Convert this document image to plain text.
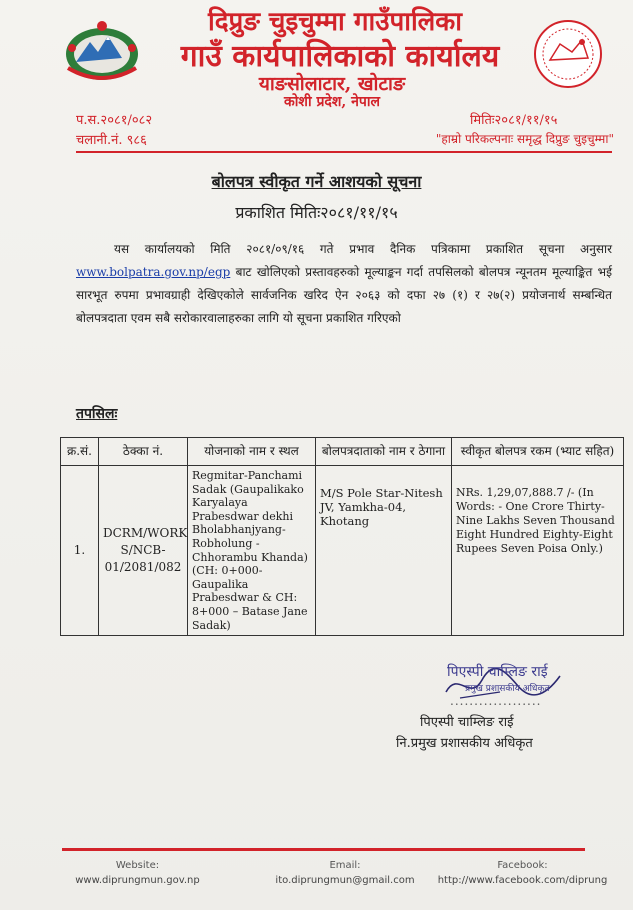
दिप्रुङ चुइचुम्मा गाउँपालिका
गाउँ कार्यपालिकाको कार्यालय
याङसोलाटार, खोटाङ
कोशी प्रदेश, नेपाल
प.स.२०८१/०८२
चलानी.नं. ९८६
मितिः२०८१/११/१५
"हाम्रो परिकल्पनाः समृद्ध दिप्रुङ चुइचुम्मा"
बोलपत्र स्वीकृत गर्ने आशयको सूचना
प्रकाशित मितिः२०८१/११/१५
यस कार्यालयको मिति २०८१/०९/१६ गते प्रभाव दैनिक पत्रिकामा प्रकाशित सूचना अनुसार www.bolpatra.gov.np/egp बाट खोलिएको प्रस्तावहरुको मूल्याङ्कन गर्दा तपसिलको बोलपत्र न्यूनतम मूल्याङ्कित भई सारभूत रुपमा प्रभावग्राही देखिएकोले सार्वजनिक खरिद ऐन २०६३ को दफा २७ (१) र २७(२) प्रयोजनार्थ सम्बन्धित बोलपत्रदाता एवम सबै सरोकारवालाहरुका लागि यो सूचना प्रकाशित गरिएको
तपसिलः
क्र.सं.	ठेक्का नं.	योजनाको नाम र स्थल	बोलपत्रदाताको नाम र ठेगाना	स्वीकृत बोलपत्र रकम (भ्याट सहित)
1.	DCRM/WORK S/NCB-01/2081/082	Regmitar-Panchami Sadak (Gaupalikako Karyalaya Prabesdwar dekhi Bholabhanjyang-Robholung -Chhorambu Khanda) (CH: 0+000- Gaupalika Prabesdwar & CH: 8+000 – Batase Jane Sadak)	M/S Pole Star-Nitesh JV, Yamkha-04, Khotang	NRs. 1,29,07,888.7 /- (In Words: - One Crore Thirty-Nine Lakhs Seven Thousand Eight Hundred Eighty-Eight Rupees Seven Poisa Only.)
पिएस्पी चाम्लिङ राई
प्रमुख प्रशासकीय अधिकृत
...................
पिएस्पी चाम्लिङ राई
नि.प्रमुख प्रशासकीय अधिकृत
Website:
www.diprungmun.gov.np
Email:
ito.diprungmun@gmail.com
Facebook:
http://www.facebook.com/diprung
